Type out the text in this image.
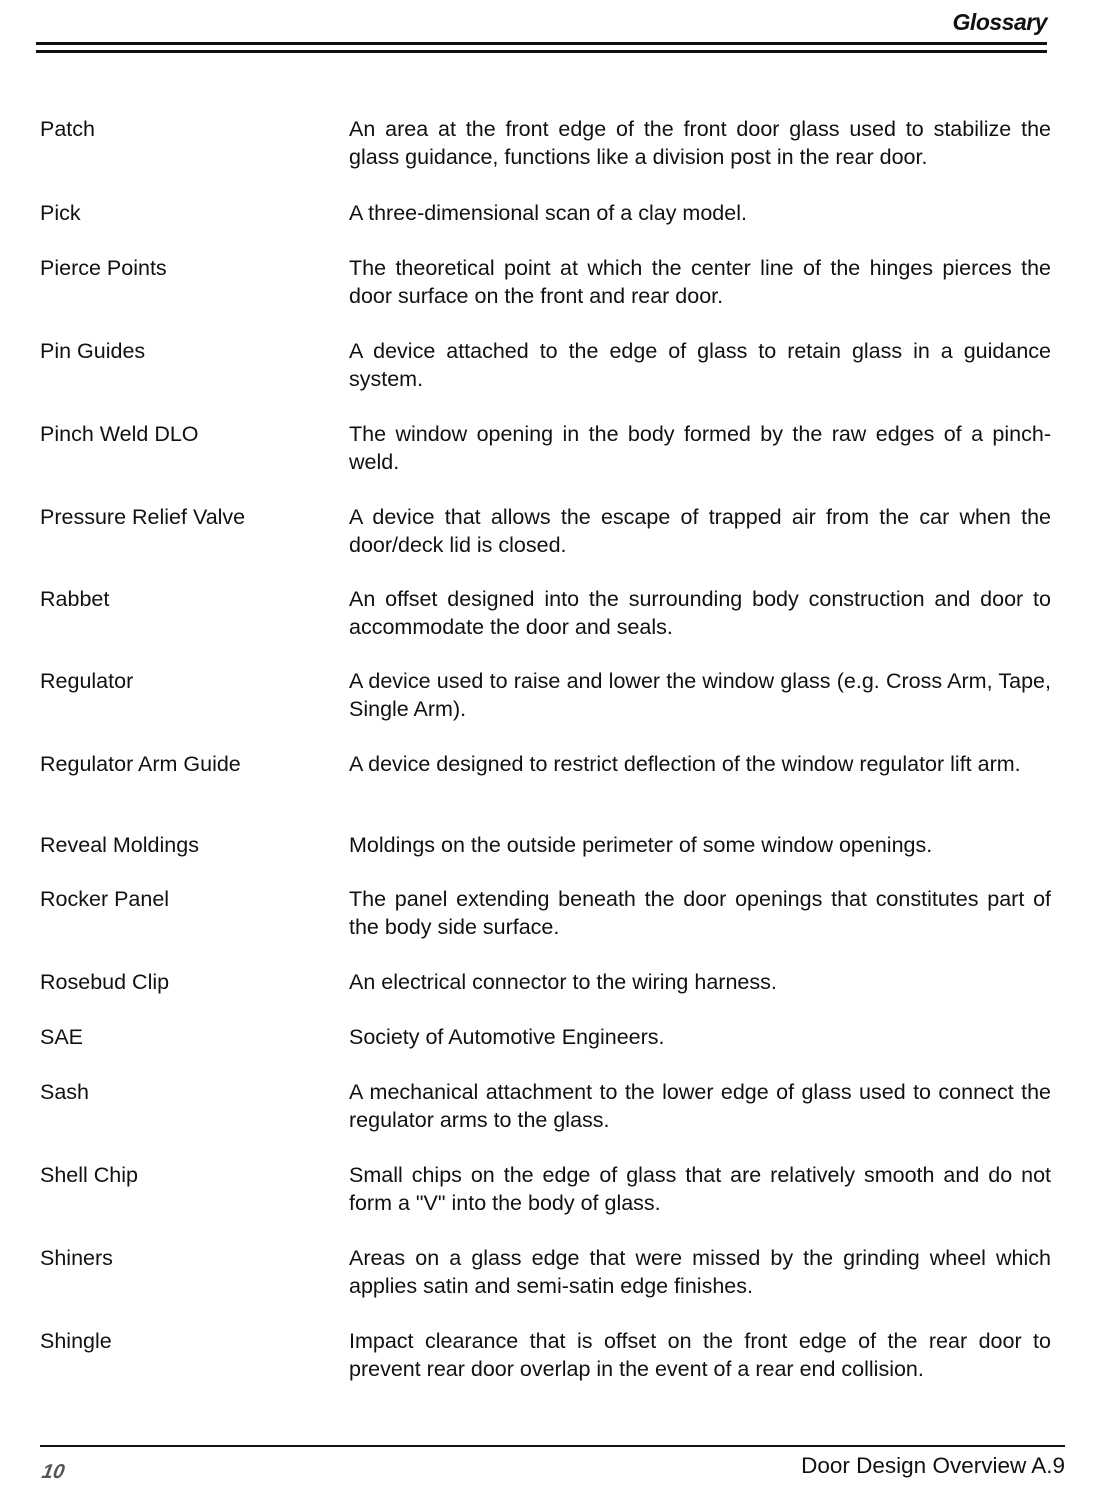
Glossary
Patch	An area at the front edge of the front door glass used to stabilize the glass guidance, functions like a division post in the rear door.
Pick	A three-dimensional scan of a clay model.
Pierce Points	The theoretical point at which the center line of the hinges pierces the door surface on the front and rear door.
Pin Guides	A device attached to the edge of glass to retain glass in a guidance system.
Pinch Weld DLO	The window opening in the body formed by the raw edges of a pinch-weld.
Pressure Relief Valve	A device that allows the escape of trapped air from the car when the door/deck lid is closed.
Rabbet	An offset designed into the surrounding body construction and door to accommodate the door and seals.
Regulator	A device used to raise and lower the window glass (e.g. Cross Arm, Tape, Single Arm).
Regulator Arm Guide	A device designed to restrict deflection of the window regulator lift arm.
Reveal Moldings	Moldings on the outside perimeter of some window openings.
Rocker Panel	The panel extending beneath the door openings that constitutes part of the body side surface.
Rosebud Clip	An electrical connector to the wiring harness.
SAE	Society of Automotive Engineers.
Sash	A mechanical attachment to the lower edge of glass used to connect the regulator arms to the glass.
Shell Chip	Small chips on the edge of glass that are relatively smooth and do not form a "V" into the body of glass.
Shiners	Areas on a glass edge that were missed by the grinding wheel which applies satin and semi-satin edge finishes.
Shingle	Impact clearance that is offset on the front edge of the rear door to prevent rear door overlap in the event of a rear end collision.
10	Door Design Overview A.9
